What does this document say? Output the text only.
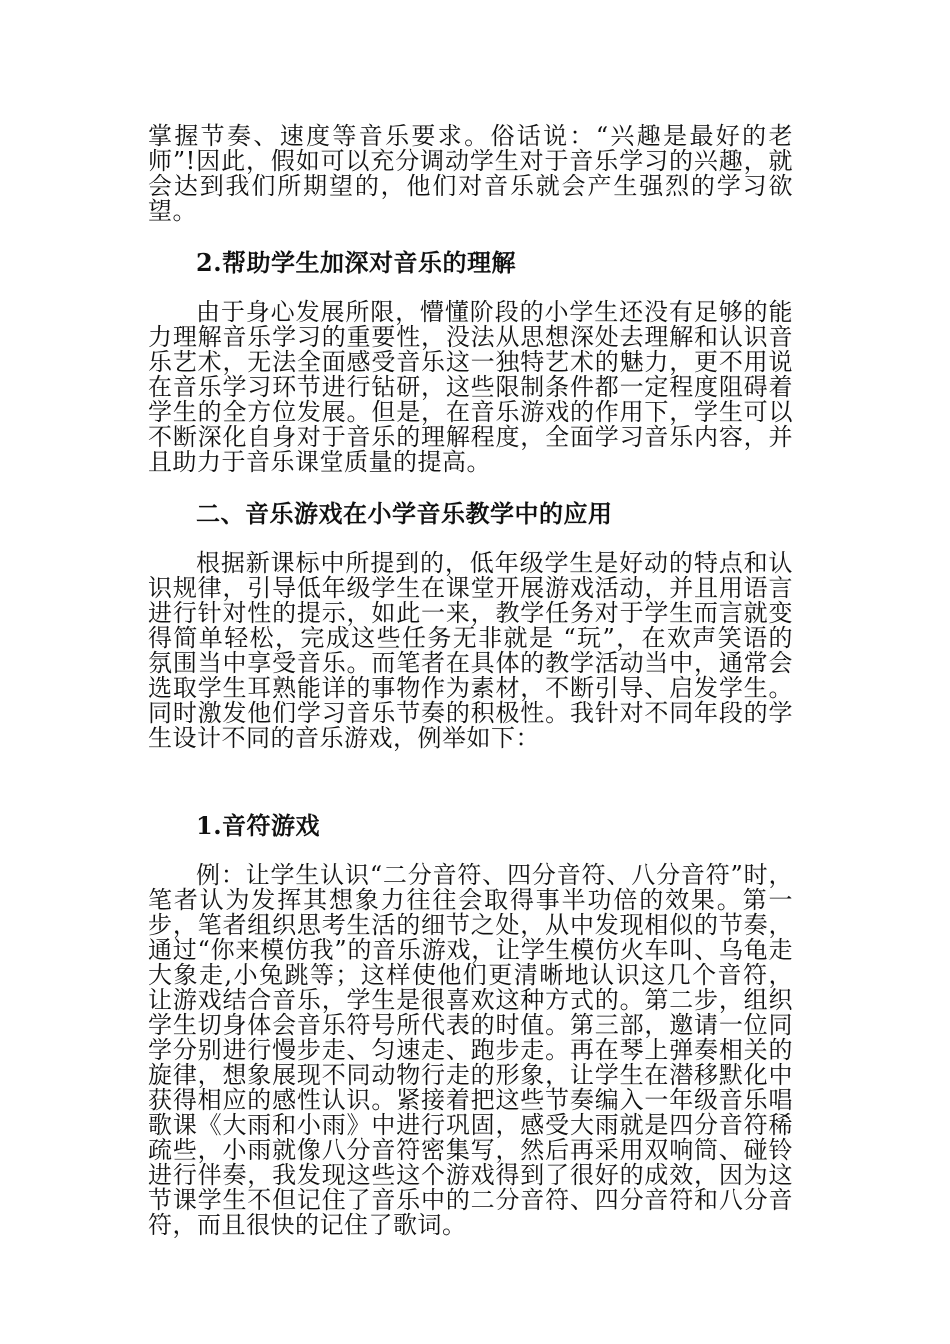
掌握节奏、速度等音乐要求。俗话说：“兴趣是最好的老师”!因此，假如可以充分调动学生对于音乐学习的兴趣，就会达到我们所期望的，他们对音乐就会产生强烈的学习欲望。

2.帮助学生加深对音乐的理解

由于身心发展所限，懵懂阶段的小学生还没有足够的能力理解音乐学习的重要性，没法从思想深处去理解和认识音乐艺术，无法全面感受音乐这一独特艺术的魅力，更不用说在音乐学习环节进行钻研，这些限制条件都一定程度阻碍着学生的全方位发展。但是，在音乐游戏的作用下，学生可以不断深化自身对于音乐的理解程度，全面学习音乐内容，并且助力于音乐课堂质量的提高。

二、音乐游戏在小学音乐教学中的应用

根据新课标中所提到的，低年级学生是好动的特点和认识规律，引导低年级学生在课堂开展游戏活动，并且用语言进行针对性的提示，如此一来，教学任务对于学生而言就变得简单轻松，完成这些任务无非就是 “玩”，在欢声笑语的氛围当中享受音乐。而笔者在具体的教学活动当中，通常会选取学生耳熟能详的事物作为素材，不断引导、启发学生。同时激发他们学习音乐节奏的积极性。我针对不同年段的学生设计不同的音乐游戏，例举如下：

1.音符游戏

例：让学生认识“二分音符、四分音符、八分音符”时，笔者认为发挥其想象力往往会取得事半功倍的效果。第一步，笔者组织思考生活的细节之处，从中发现相似的节奏，通过“你来模仿我”的音乐游戏，让学生模仿火车叫、乌龟走大象走,小兔跳等；这样使他们更清晰地认识这几个音符，让游戏结合音乐，学生是很喜欢这种方式的。第二步，组织学生切身体会音乐符号所代表的时值。第三部，邀请一位同学分别进行慢步走、匀速走、跑步走。再在琴上弹奏相关的旋律，想象展现不同动物行走的形象，让学生在潜移默化中获得相应的感性认识。紧接着把这些节奏编入一年级音乐唱歌课《大雨和小雨》中进行巩固，感受大雨就是四分音符稀疏些，小雨就像八分音符密集写，然后再采用双响筒、碰铃进行伴奏，我发现这些这个游戏得到了很好的成效，因为这节课学生不但记住了音乐中的二分音符、四分音符和八分音符，而且很快的记住了歌词。
